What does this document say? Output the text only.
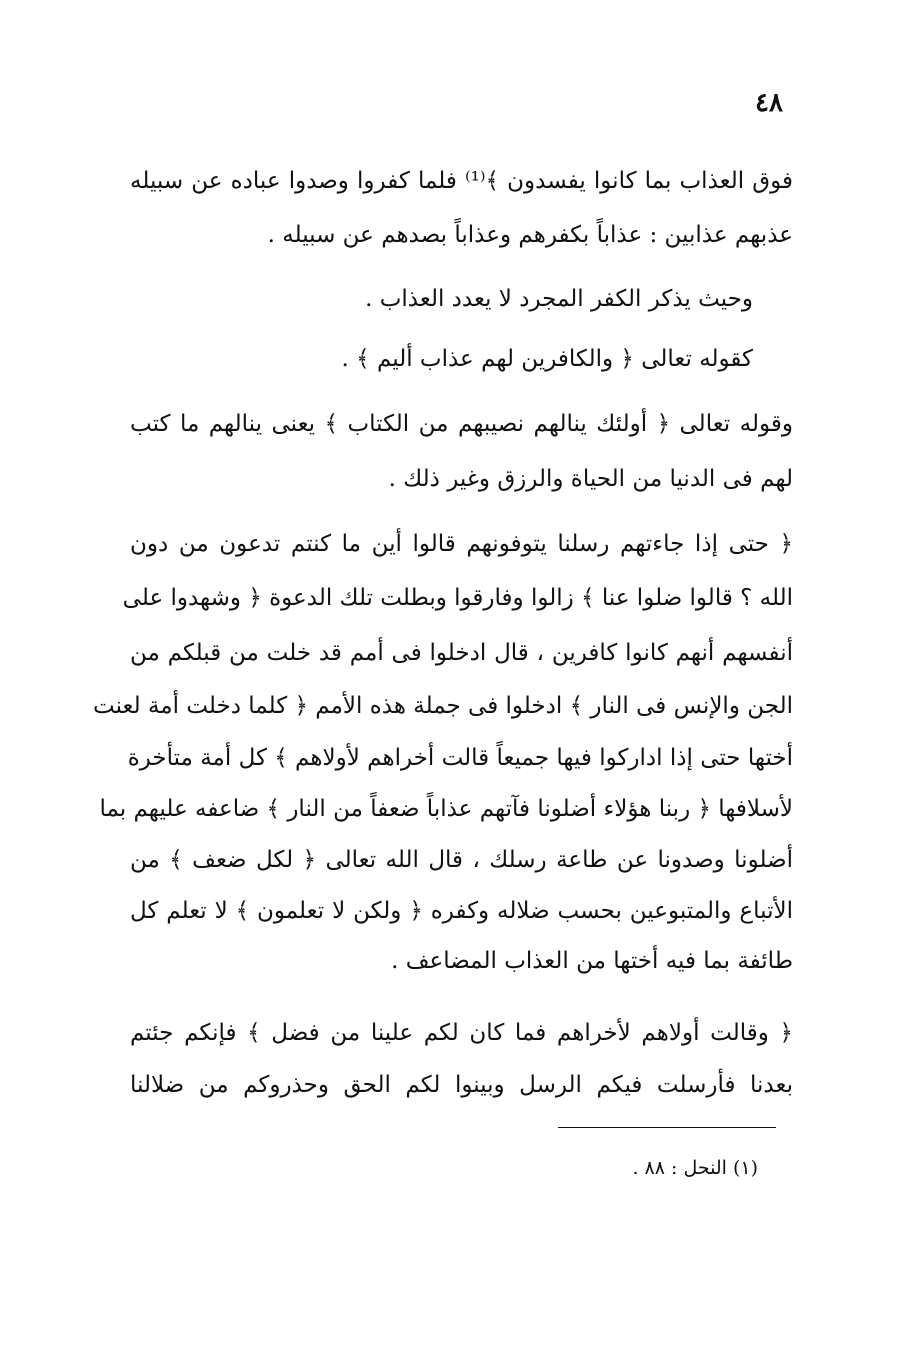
٤٨
فوق العذاب بما كانوا يفسدون ﴾⁽¹⁾ فلما كفروا وصدوا عباده عن سبيله
عذبهم عذابين : عذاباً بكفرهم وعذاباً بصدهم عن سبيله .
وحيث يذكر الكفر المجرد لا يعدد العذاب .
كقوله تعالى ﴿ والكافرين لهم عذاب أليم ﴾ .
وقوله تعالى ﴿ أولئك ينالهم نصيبهم من الكتاب ﴾ يعنى ينالهم ما كتب
لهم فى الدنيا من الحياة والرزق وغير ذلك .
﴿ حتى إذا جاءتهم رسلنا يتوفونهم قالوا أين ما كنتم تدعون من دون
الله ؟ قالوا ضلوا عنا ﴾ زالوا وفارقوا وبطلت تلك الدعوة ﴿ وشهدوا على
أنفسهم أنهم كانوا كافرين ، قال ادخلوا فى أمم قد خلت من قبلكم من
الجن والإنس فى النار ﴾ ادخلوا فى جملة هذه الأمم ﴿ كلما دخلت أمة لعنت
أختها حتى إذا اداركوا فيها جميعاً قالت أخراهم لأولاهم ﴾ كل أمة متأخرة
لأسلافها ﴿ ربنا هؤلاء أضلونا فآتهم عذاباً ضعفاً من النار ﴾ ضاعفه عليهم بما
أضلونا وصدونا عن طاعة رسلك ، قال الله تعالى ﴿ لكل ضعف ﴾ من
الأتباع والمتبوعين بحسب ضلاله وكفره ﴿ ولكن لا تعلمون ﴾ لا تعلم كل
طائفة بما فيه أختها من العذاب المضاعف .
﴿ وقالت أولاهم لأخراهم فما كان لكم علينا من فضل ﴾ فإنكم جئتم
بعدنا فأرسلت فيكم الرسل وبينوا لكم الحق وحذروكم من ضلالنا
(١) النحل : ٨٨ .
